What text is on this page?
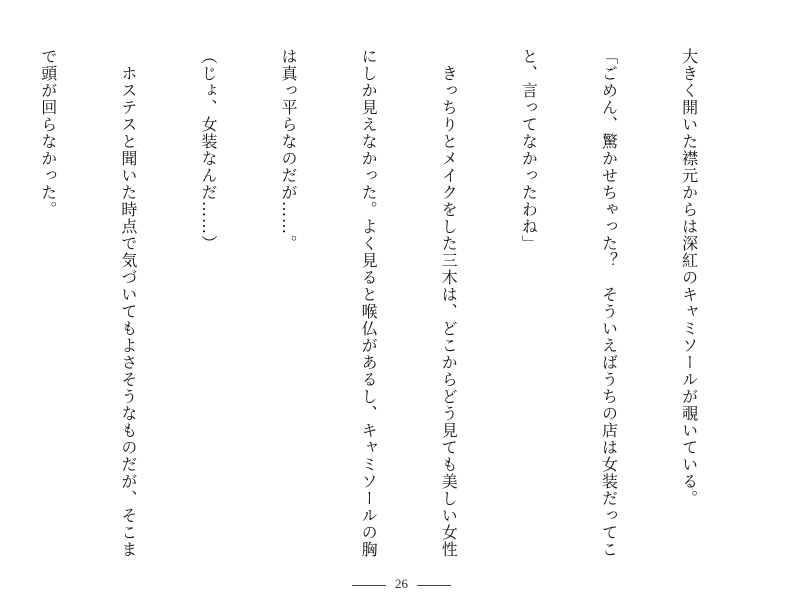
大きく開いた襟元からは深紅のキャミソールが覗いている。

「ごめん、驚かせちゃった？　そういえばうちの店は女装だってこ

と、言ってなかったわね」

　きっちりとメイクをした三木は、どこからどう見ても美しい女性

にしか見えなかった。よく見ると喉仏があるし、キャミソールの胸

は真っ平らなのだが……。

（じょ、女装なんだ……）

　ホステスと聞いた時点で気づいてもよさそうなものだが、そこま

で頭が回らなかった。

26
